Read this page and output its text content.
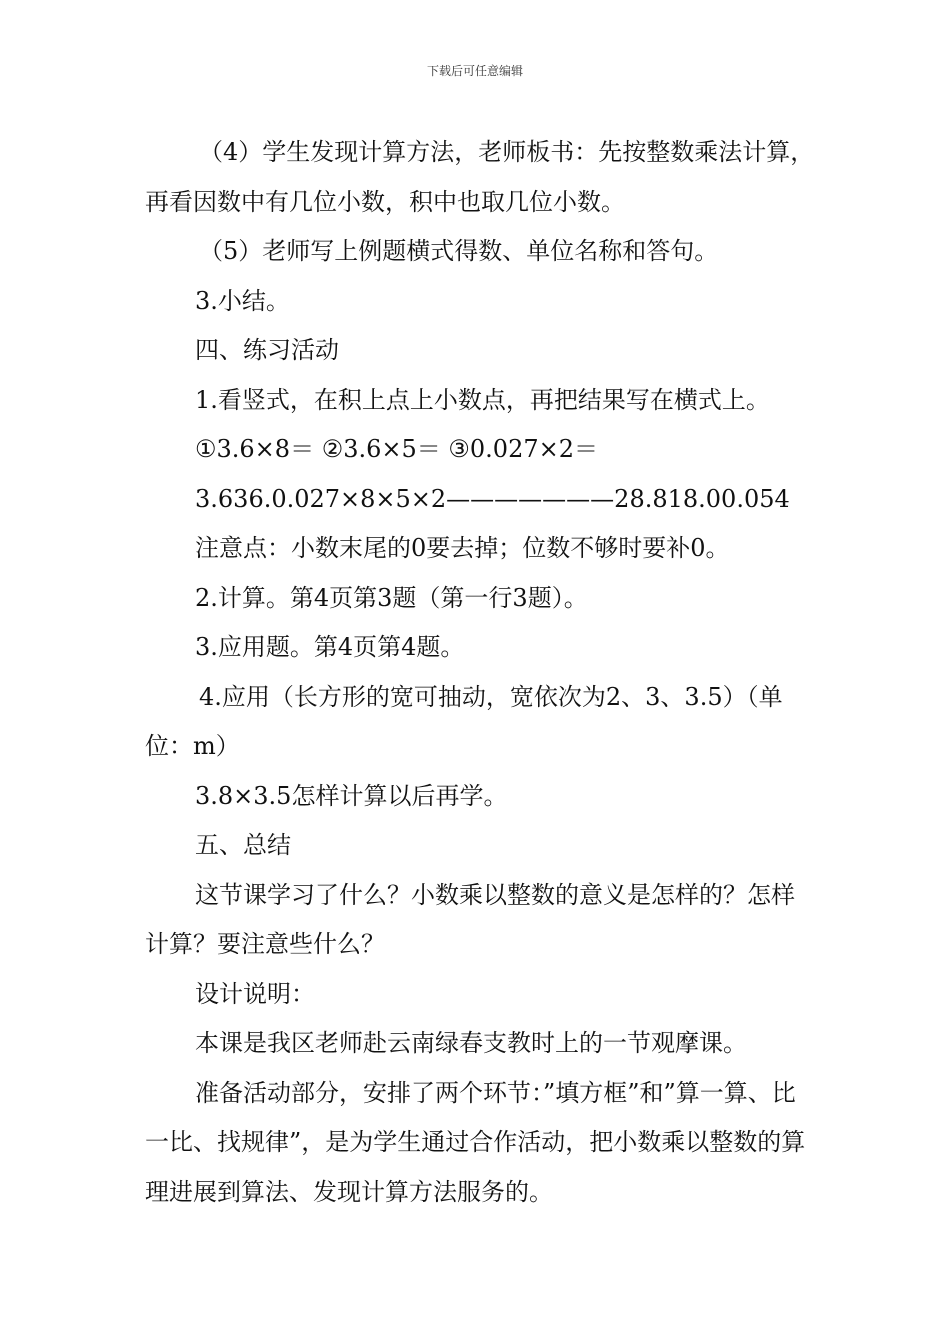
下载后可任意编辑

（4）学生发现计算方法，老师板书：先按整数乘法计算，再看因数中有几位小数，积中也取几位小数。

（5）老师写上例题横式得数、单位名称和答句。

3.小结。

四、练习活动

1.看竖式，在积上点上小数点，再把结果写在横式上。

①3.6×8＝ ②3.6×5＝ ③0.027×2＝

3.636.0.027×8×5×2———————28.818.00.054

注意点：小数末尾的0要去掉；位数不够时要补0。

2.计算。第4页第3题（第一行3题）。

3.应用题。第4页第4题。

4.应用（长方形的宽可抽动，宽依次为2、3、3.5）（单位：m）

3.8×3.5怎样计算以后再学。

五、总结

这节课学习了什么？小数乘以整数的意义是怎样的？怎样计算？要注意些什么？

设计说明：

本课是我区老师赴云南绿春支教时上的一节观摩课。

准备活动部分，安排了两个环节：”填方框”和”算一算、比一比、找规律”，是为学生通过合作活动，把小数乘以整数的算理进展到算法、发现计算方法服务的。
